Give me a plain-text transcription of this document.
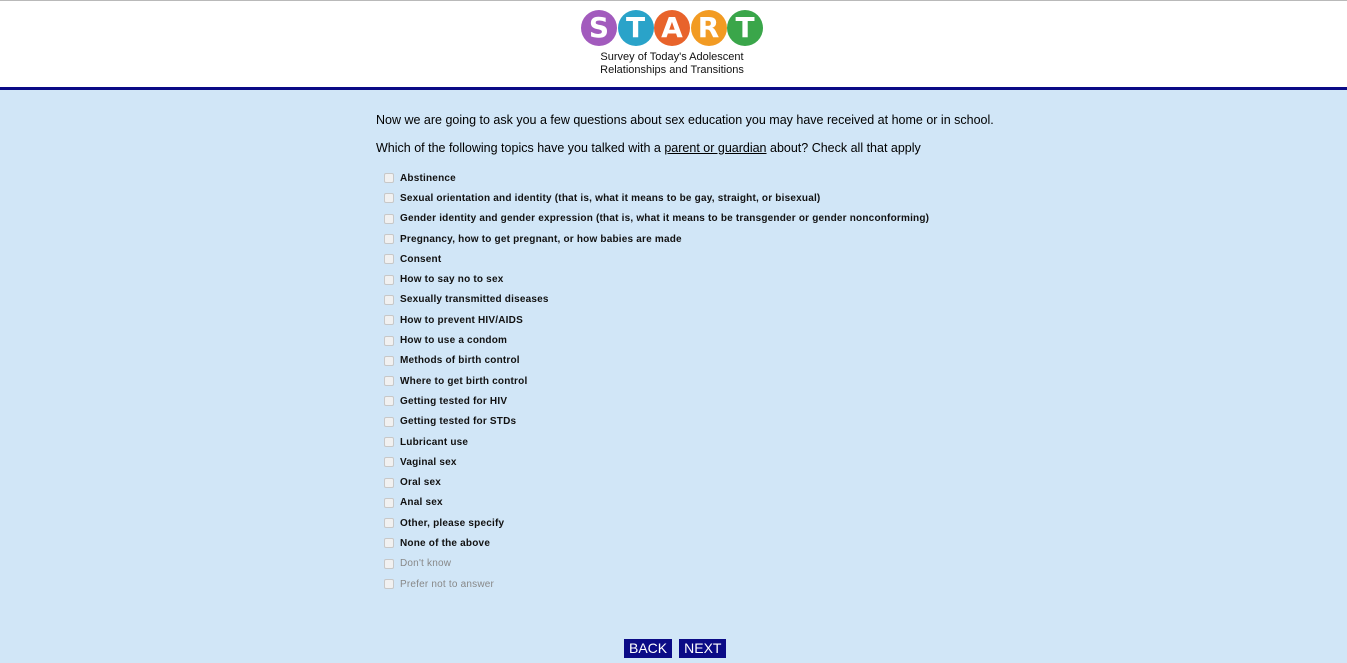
S T A R T
Survey of Today's Adolescent
Relationships and Transitions

Now we are going to ask you a few questions about sex education you may have received at home or in school.

Which of the following topics have you talked with a parent or guardian about? Check all that apply

Abstinence
Sexual orientation and identity (that is, what it means to be gay, straight, or bisexual)
Gender identity and gender expression (that is, what it means to be transgender or gender nonconforming)
Pregnancy, how to get pregnant, or how babies are made
Consent
How to say no to sex
Sexually transmitted diseases
How to prevent HIV/AIDS
How to use a condom
Methods of birth control
Where to get birth control
Getting tested for HIV
Getting tested for STDs
Lubricant use
Vaginal sex
Oral sex
Anal sex
Other, please specify
None of the above
Don't know
Prefer not to answer
BACK	NEXT
